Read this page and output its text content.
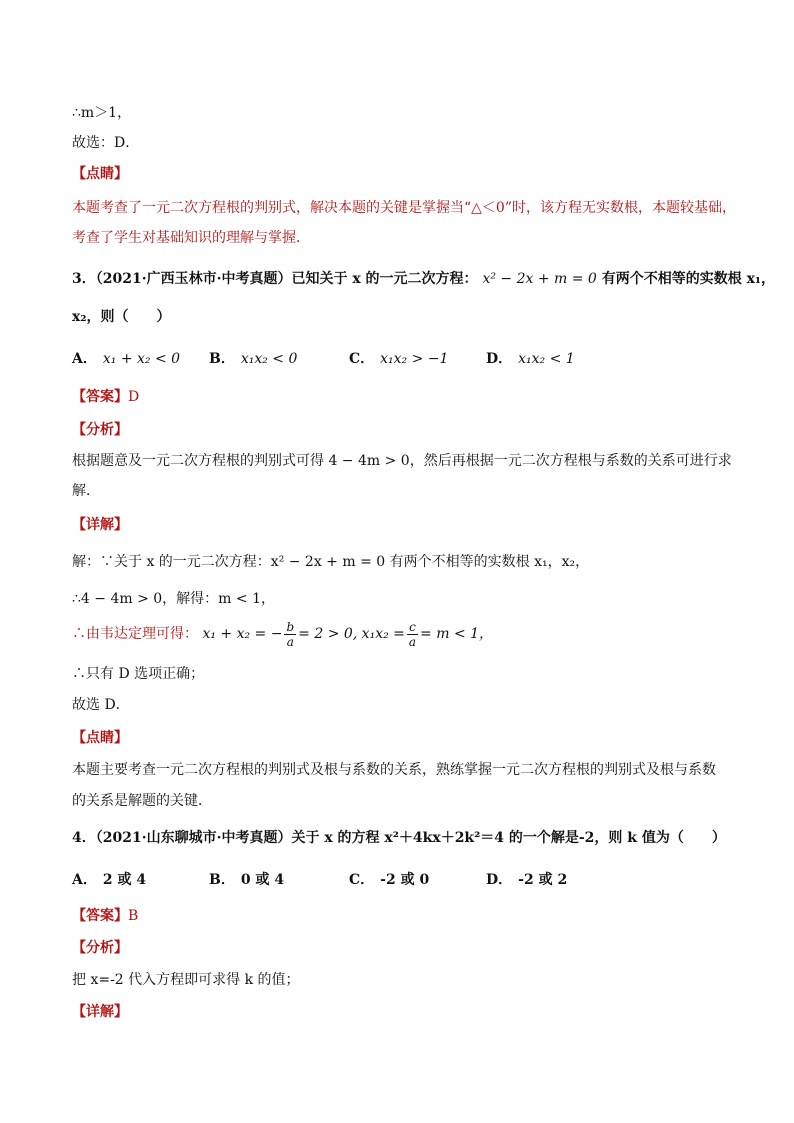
∴m＞1，
故选：D．
【点睛】
本题考查了一元二次方程根的判别式，解决本题的关键是掌握当“△＜0”时，该方程无实数根，本题较基础，
考查了学生对基础知识的理解与掌握．
3．（2021·广西玉林市·中考真题）已知关于 x 的一元二次方程： x² − 2x + m = 0 有两个不相等的实数根 x₁，
x₂，则（　　）
A． x₁ + x₂ < 0 B． x₁x₂ < 0	C． x₁x₂ > −1	D． x₁x₂ < 1
【答案】D
【分析】
根据题意及一元二次方程根的判别式可得 4 − 4m > 0，然后再根据一元二次方程根与系数的关系可进行求
解．
【详解】
解：∵关于 x 的一元二次方程：x² − 2x + m = 0 有两个不相等的实数根 x₁，x₂，
∴4 − 4m > 0，解得：m < 1，
∴由韦达定理可得： x₁ + x₂ = − $\frac{b}{a} = 2 > 0$, $x_1x_2 = \frac{c}{a} = m < 1$，
∴只有 D 选项正确；
故选 D．
【点睛】
本题主要考查一元二次方程根的判别式及根与系数的关系，熟练掌握一元二次方程根的判别式及根与系数
的关系是解题的关键．
4．（2021·山东聊城市·中考真题）关于 x 的方程 x²＋4kx＋2k²＝4 的一个解是-2，则 k 值为（　　）
A． 2 或 4	B． 0 或 4	C． -2 或 0	D． -2 或 2
【答案】B
【分析】
把 x=-2 代入方程即可求得 k 的值；
【详解】
